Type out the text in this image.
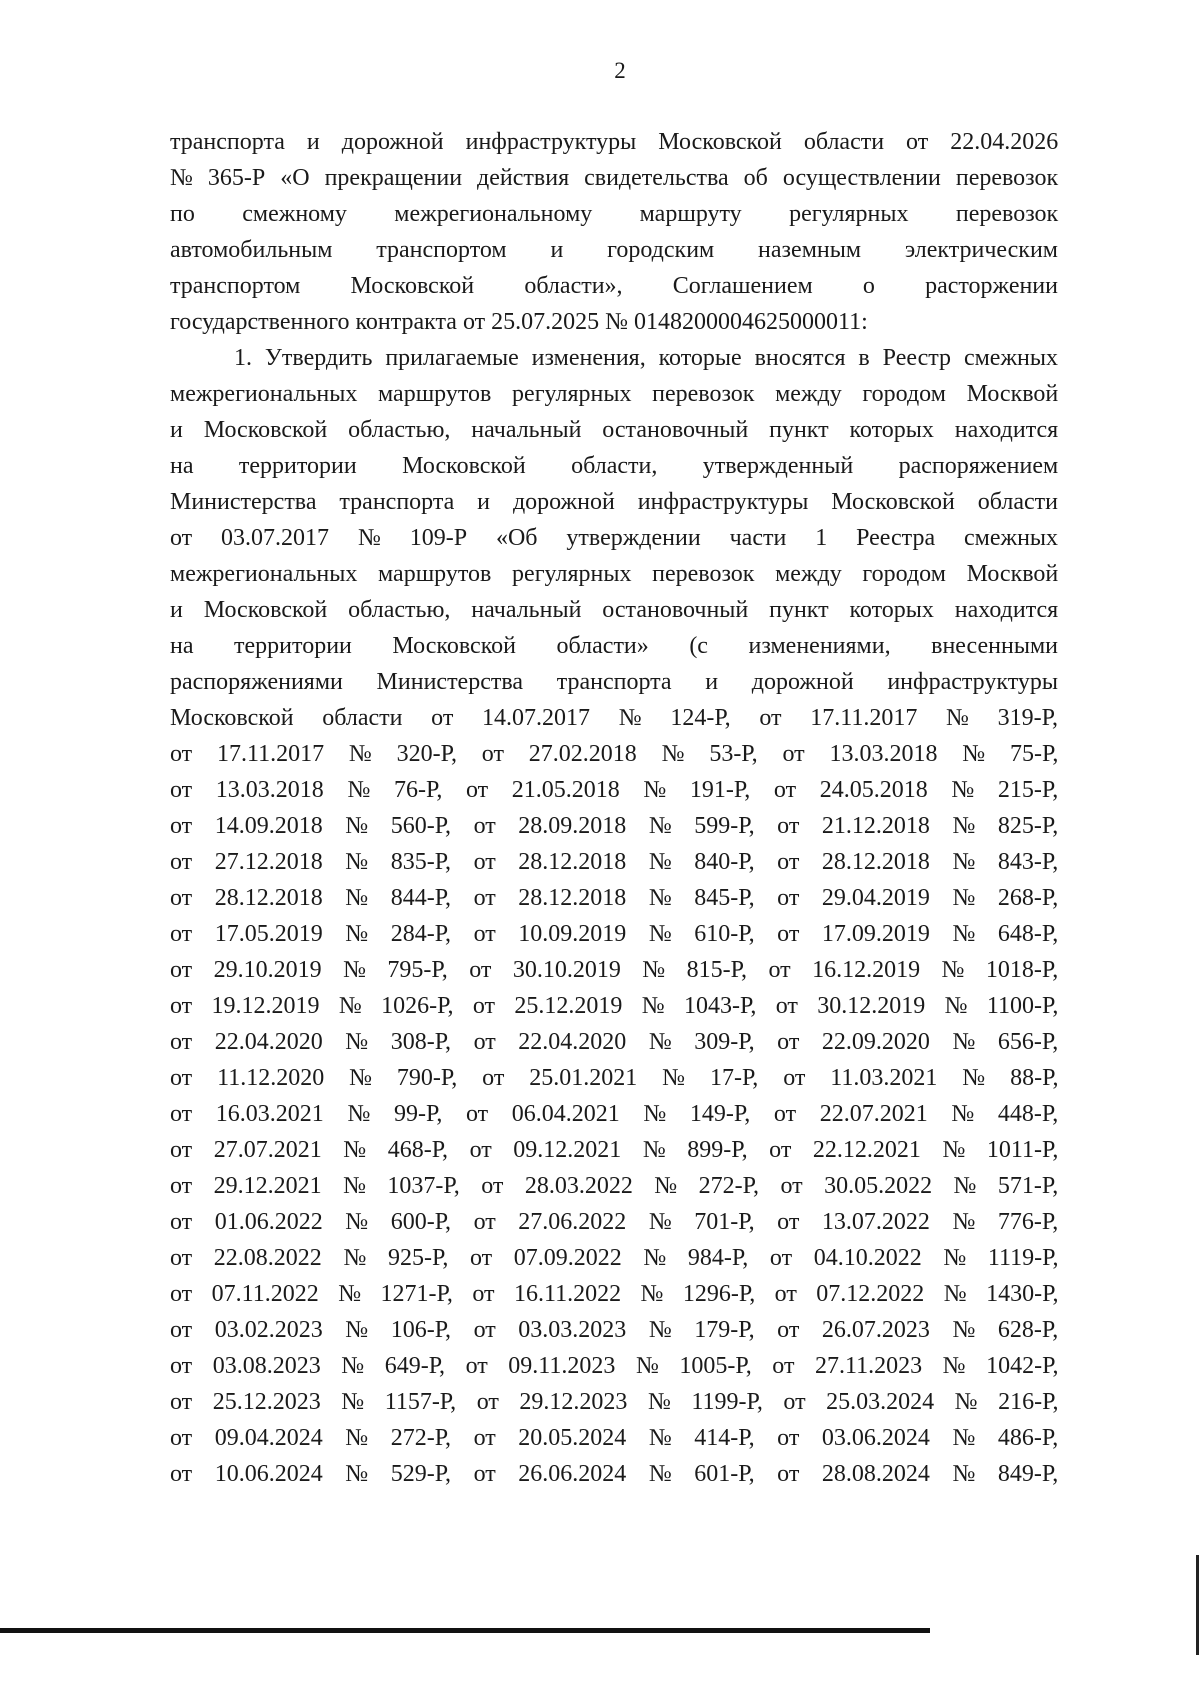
2
транспорта и дорожной инфраструктуры Московской области от 22.04.2026
№ 365-Р «О прекращении действия свидетельства об осуществлении перевозок
по смежному межрегиональному маршруту регулярных перевозок
автомобильным транспортом и городским наземным электрическим
транспортом Московской области», Соглашением о расторжении
государственного контракта от 25.07.2025 № 0148200004625000011:
1. Утвердить прилагаемые изменения, которые вносятся в Реестр смежных
межрегиональных маршрутов регулярных перевозок между городом Москвой
и Московской областью, начальный остановочный пункт которых находится
на территории Московской области, утвержденный распоряжением
Министерства транспорта и дорожной инфраструктуры Московской области
от 03.07.2017 № 109-Р «Об утверждении части 1 Реестра смежных
межрегиональных маршрутов регулярных перевозок между городом Москвой
и Московской областью, начальный остановочный пункт которых находится
на территории Московской области» (с изменениями, внесенными
распоряжениями Министерства транспорта и дорожной инфраструктуры
Московской области от 14.07.2017 № 124-Р, от 17.11.2017 № 319-Р,
от 17.11.2017 № 320-Р, от 27.02.2018 № 53-Р, от 13.03.2018 № 75-Р,
от 13.03.2018 № 76-Р, от 21.05.2018 № 191-Р, от 24.05.2018 № 215-Р,
от 14.09.2018 № 560-Р, от 28.09.2018 № 599-Р, от 21.12.2018 № 825-Р,
от 27.12.2018 № 835-Р, от 28.12.2018 № 840-Р, от 28.12.2018 № 843-Р,
от 28.12.2018 № 844-Р, от 28.12.2018 № 845-Р, от 29.04.2019 № 268-Р,
от 17.05.2019 № 284-Р, от 10.09.2019 № 610-Р, от 17.09.2019 № 648-Р,
от 29.10.2019 № 795-Р, от 30.10.2019 № 815-Р, от 16.12.2019 № 1018-Р,
от 19.12.2019 № 1026-Р, от 25.12.2019 № 1043-Р, от 30.12.2019 № 1100-Р,
от 22.04.2020 № 308-Р, от 22.04.2020 № 309-Р, от 22.09.2020 № 656-Р,
от 11.12.2020 № 790-Р, от 25.01.2021 № 17-Р, от 11.03.2021 № 88-Р,
от 16.03.2021 № 99-Р, от 06.04.2021 № 149-Р, от 22.07.2021 № 448-Р,
от 27.07.2021 № 468-Р, от 09.12.2021 № 899-Р, от 22.12.2021 № 1011-Р,
от 29.12.2021 № 1037-Р, от 28.03.2022 № 272-Р, от 30.05.2022 № 571-Р,
от 01.06.2022 № 600-Р, от 27.06.2022 № 701-Р, от 13.07.2022 № 776-Р,
от 22.08.2022 № 925-Р, от 07.09.2022 № 984-Р, от 04.10.2022 № 1119-Р,
от 07.11.2022 № 1271-Р, от 16.11.2022 № 1296-Р, от 07.12.2022 № 1430-Р,
от 03.02.2023 № 106-Р, от 03.03.2023 № 179-Р, от 26.07.2023 № 628-Р,
от 03.08.2023 № 649-Р, от 09.11.2023 № 1005-Р, от 27.11.2023 № 1042-Р,
от 25.12.2023 № 1157-Р, от 29.12.2023 № 1199-Р, от 25.03.2024 № 216-Р,
от 09.04.2024 № 272-Р, от 20.05.2024 № 414-Р, от 03.06.2024 № 486-Р,
от 10.06.2024 № 529-Р, от 26.06.2024 № 601-Р, от 28.08.2024 № 849-Р,
